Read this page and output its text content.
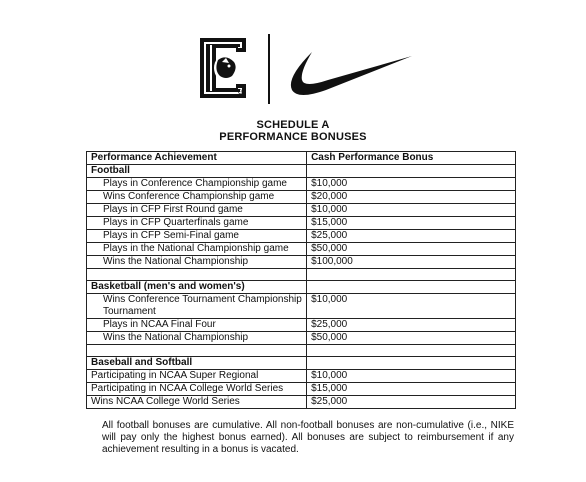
G
SCHEDULE A
PERFORMANCE BONUSES
Performance Achievement	Cash Performance Bonus
Football	
Plays in Conference Championship game	$10,000
Wins Conference Championship game	$20,000
Plays in CFP First Round game	$10,000
Plays in CFP Quarterfinals game	$15,000
Plays in CFP Semi-Final game	$25,000
Plays in the National Championship game	$50,000
Wins the National Championship	$100,000

Basketball (men's and women's)	
Wins Conference Tournament Championship Tournament	$10,000
Plays in NCAA Final Four	$25,000
Wins the National Championship	$50,000

Baseball and Softball	
Participating in NCAA Super Regional	$10,000
Participating in NCAA College World Series	$15,000
Wins NCAA College World Series	$25,000
All football bonuses are cumulative. All non-football bonuses are non-cumulative (i.e., NIKE will pay only the highest bonus earned). All bonuses are subject to reimbursement if any achievement resulting in a bonus is vacated.
